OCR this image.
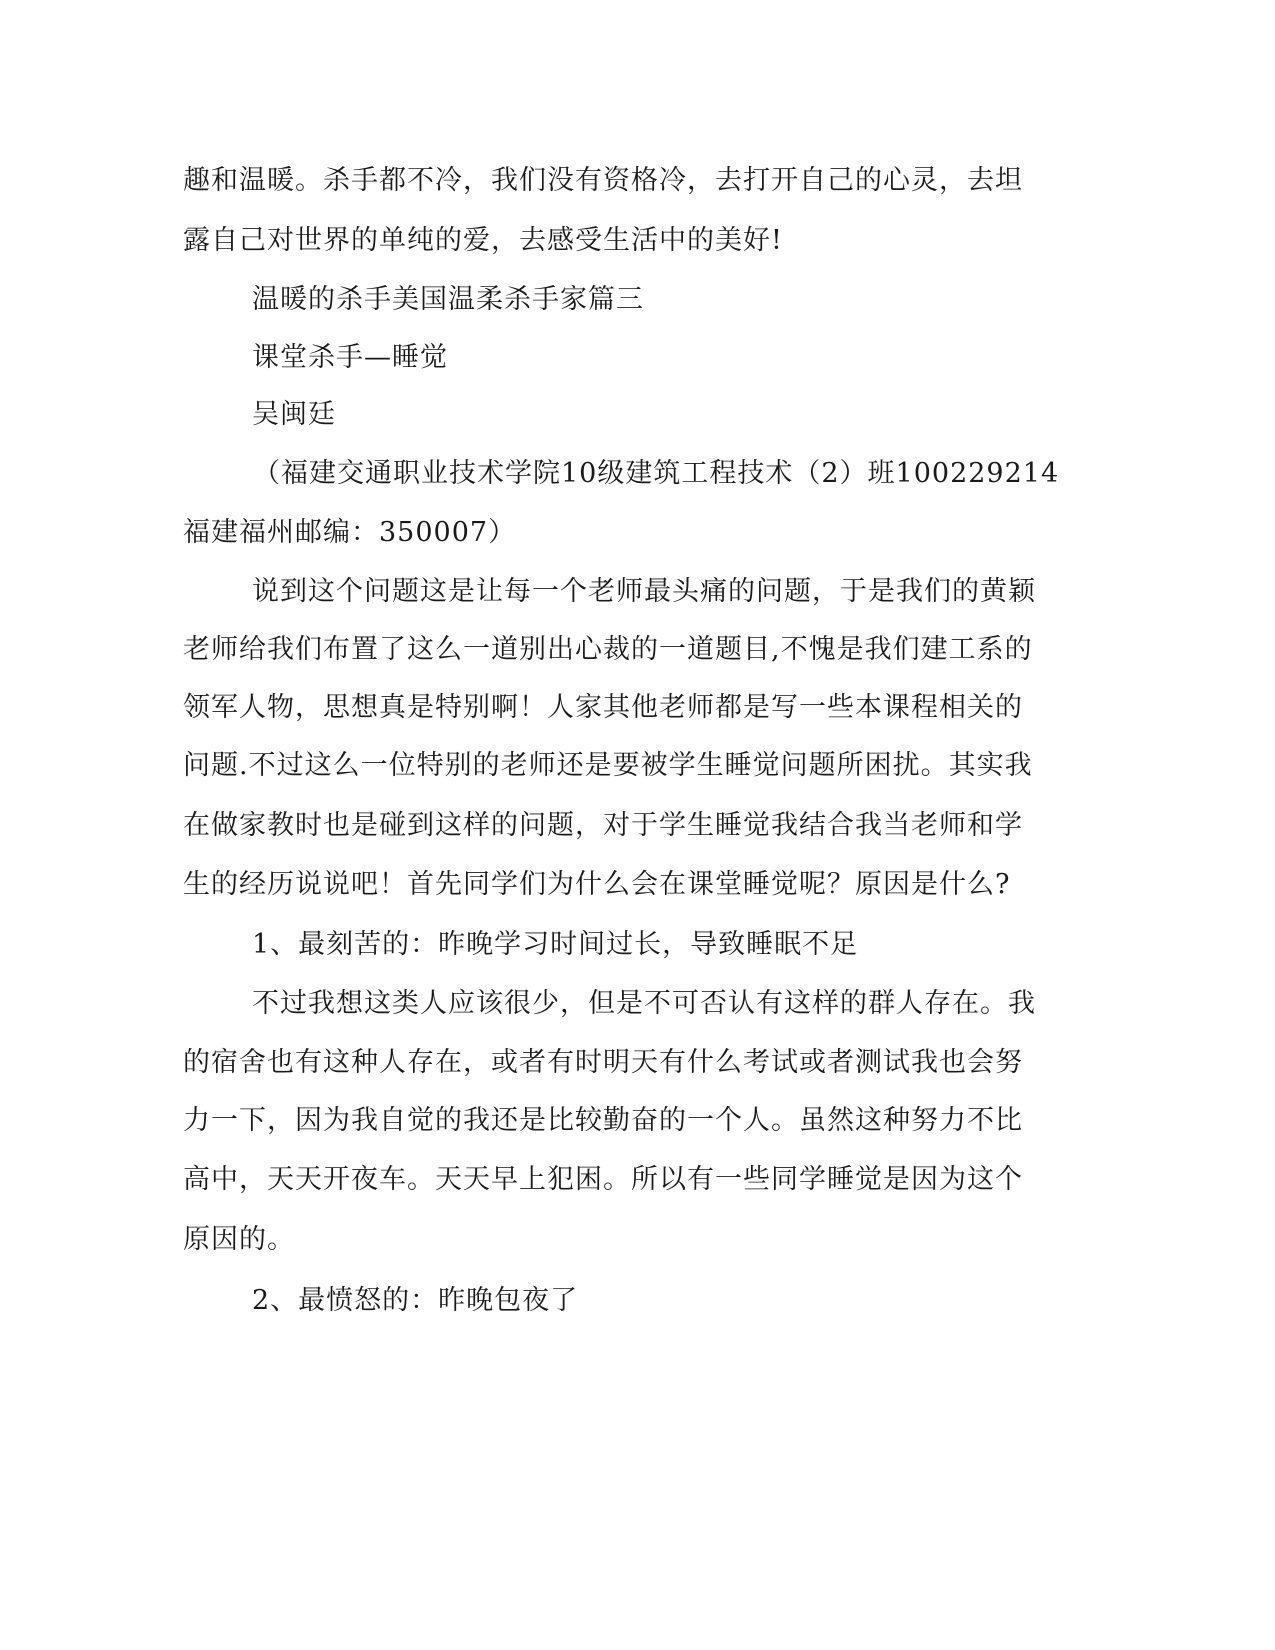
趣和温暖。杀手都不冷，我们没有资格冷，去打开自己的心灵，去坦
露自己对世界的单纯的爱，去感受生活中的美好!
温暖的杀手美国温柔杀手家篇三
课堂杀手—睡觉
吴闽廷
（福建交通职业技术学院10级建筑工程技术（2）班100229214
福建福州邮编：350007）
说到这个问题这是让每一个老师最头痛的问题，于是我们的黄颖
老师给我们布置了这么一道别出心裁的一道题目,不愧是我们建工系的
领军人物，思想真是特别啊！人家其他老师都是写一些本课程相关的
问题.不过这么一位特别的老师还是要被学生睡觉问题所困扰。其实我
在做家教时也是碰到这样的问题，对于学生睡觉我结合我当老师和学
生的经历说说吧！首先同学们为什么会在课堂睡觉呢？原因是什么?
1、最刻苦的：昨晚学习时间过长，导致睡眠不足
不过我想这类人应该很少，但是不可否认有这样的群人存在。我
的宿舍也有这种人存在，或者有时明天有什么考试或者测试我也会努
力一下，因为我自觉的我还是比较勤奋的一个人。虽然这种努力不比
高中，天天开夜车。天天早上犯困。所以有一些同学睡觉是因为这个
原因的。
2、最愤怒的：昨晚包夜了
